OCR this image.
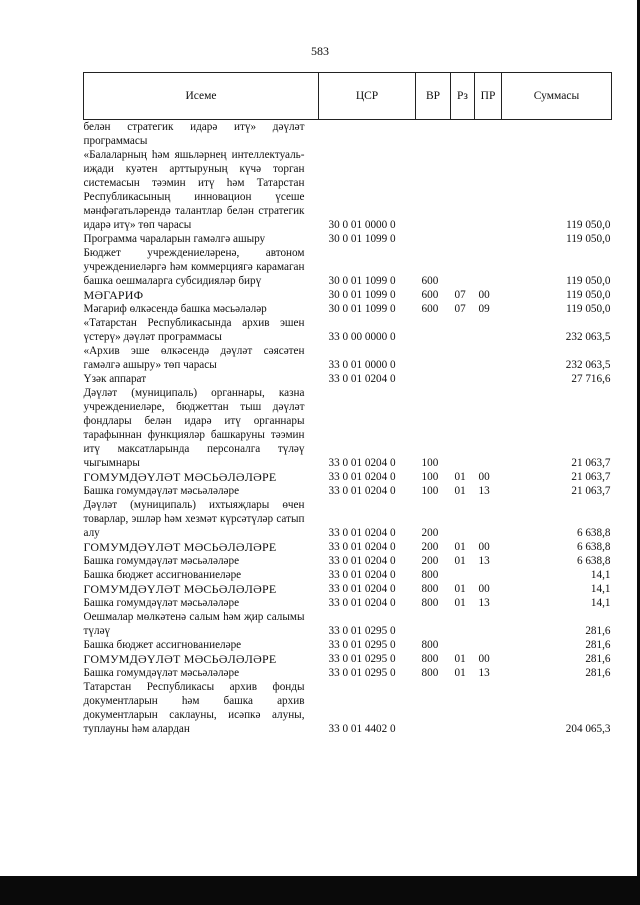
583
Исеме	ЦСР	ВР	Рз	ПР	Суммасы
белән стратегик идарә итү» дәүләт программасы					
«Балаларның һәм яшьләрнең интеллектуаль-иҗади куәтен арттыруның күчә торган системасын тәэмин итү һәм Татарстан Республикасының инновацион үсеше мәнфәгатьләрендә талантлар белән стратегик идарә итү» төп чарасы	30 0 01 0000 0				119 050,0
Программа чараларын гамәлгә ашыру	30 0 01 1099 0				119 050,0
Бюджет учреждениеләренә, автоном учреждениеләргә һәм коммерциягә карамаган башка оешмаларга субсидияләр бирү	30 0 01 1099 0	600			119 050,0
МӘГАРИФ	30 0 01 1099 0	600	07	00	119 050,0
Мәгариф өлкәсендә башка мәсьәләләр	30 0 01 1099 0	600	07	09	119 050,0
«Татарстан Республикасында архив эшен үстерү» дәүләт программасы	33 0 00 0000 0				232 063,5
«Архив эше өлкәсендә дәүләт сәясәтен гамәлгә ашыру» төп чарасы	33 0 01 0000 0				232 063,5
Үзәк аппарат	33 0 01 0204 0				27 716,6
Дәүләт (муниципаль) органнары, казна учреждениеләре, бюджеттан тыш дәүләт фондлары белән идарә итү органнары тарафыннан функцияләр башкаруны тәэмин итү максатларында персоналга түләү чыгымнары	33 0 01 0204 0	100			21 063,7
ГОМУМДӘҮЛӘТ МӘСЬӘЛӘЛӘРЕ	33 0 01 0204 0	100	01	00	21 063,7
Башка гомумдәүләт мәсьәләләре	33 0 01 0204 0	100	01	13	21 063,7
Дәүләт (муниципаль) ихтыяҗлары өчен товарлар, эшләр һәм хезмәт күрсәтүләр сатып алу	33 0 01 0204 0	200			6 638,8
ГОМУМДӘҮЛӘТ МӘСЬӘЛӘЛӘРЕ	33 0 01 0204 0	200	01	00	6 638,8
Башка гомумдәүләт мәсьәләләре	33 0 01 0204 0	200	01	13	6 638,8
Башка бюджет ассигнованиеләре	33 0 01 0204 0	800			14,1
ГОМУМДӘҮЛӘТ МӘСЬӘЛӘЛӘРЕ	33 0 01 0204 0	800	01	00	14,1
Башка гомумдәүләт мәсьәләләре	33 0 01 0204 0	800	01	13	14,1
Оешмалар мөлкәтенә салым һәм җир салымы түләү	33 0 01 0295 0				281,6
Башка бюджет ассигнованиеләре	33 0 01 0295 0	800			281,6
ГОМУМДӘҮЛӘТ МӘСЬӘЛӘЛӘРЕ	33 0 01 0295 0	800	01	00	281,6
Башка гомумдәүләт мәсьәләләре	33 0 01 0295 0	800	01	13	281,6
Татарстан Республикасы архив фонды документларын һәм башка архив документларын саклауны, исәпкә алуны, туплауны һәм алардан	33 0 01 4402 0				204 065,3
